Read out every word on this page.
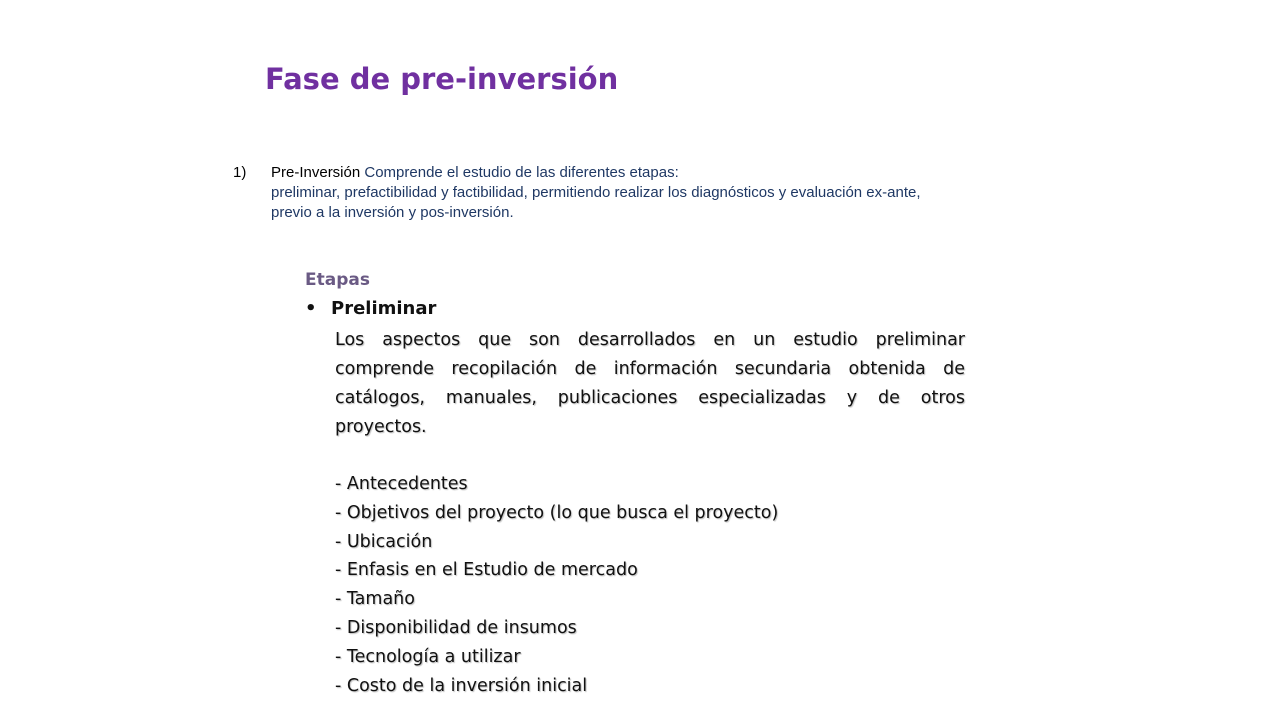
Fase de pre-inversión
1) Pre-Inversión Comprende el estudio de las diferentes etapas:
preliminar, prefactibilidad y factibilidad, permitiendo realizar los diagnósticos y evaluación ex-ante,
previo a la inversión y pos-inversión.
Etapas
• Preliminar
Los aspectos que son desarrollados en un estudio preliminar
comprende recopilación de información secundaria obtenida de
catálogos, manuales, publicaciones especializadas y de otros
proyectos.
- Antecedentes
- Objetivos del proyecto (lo que busca el proyecto)
- Ubicación
- Enfasis en el Estudio de mercado
- Tamaño
- Disponibilidad de insumos
- Tecnología a utilizar
- Costo de la inversión inicial
